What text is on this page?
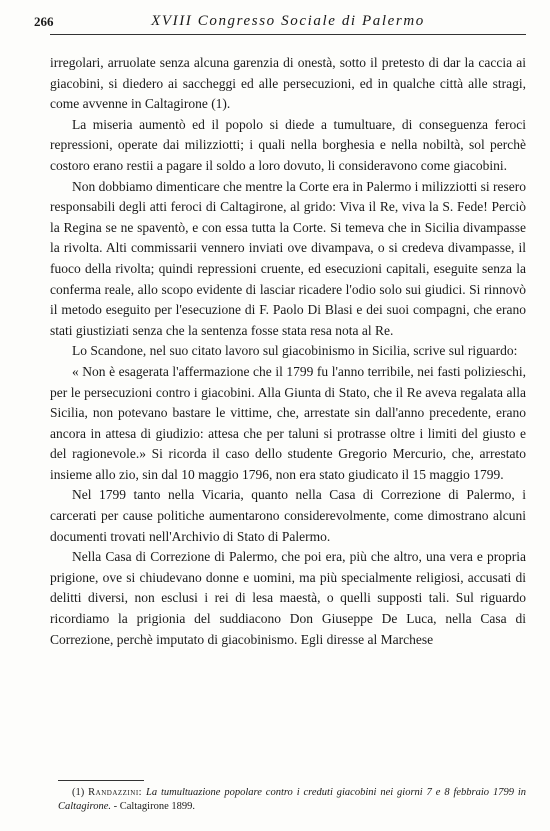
266	XVIII Congresso Sociale di Palermo

irregolari, arruolate senza alcuna garenzia di onestà, sotto il pretesto di dar la caccia ai giacobini, si diedero ai saccheggi ed alle persecuzioni, ed in qualche città alle stragi, come avvenne in Caltagirone (1).

La miseria aumentò ed il popolo si diede a tumultuare, di conseguenza feroci repressioni, operate dai milizziotti; i quali nella borghesia e nella nobiltà, sol perchè costoro erano restii a pagare il soldo a loro dovuto, li consideravono come giacobini.

Non dobbiamo dimenticare che mentre la Corte era in Palermo i milizziotti si resero responsabili degli atti feroci di Caltagirone, al grido: Viva il Re, viva la S. Fede! Perciò la Regina se ne spaventò, e con essa tutta la Corte. Si temeva che in Sicilia divampasse la rivolta. Alti commissarii vennero inviati ove divampava, o si credeva divampasse, il fuoco della rivolta; quindi repressioni cruente, ed esecuzioni capitali, eseguite senza la conferma reale, allo scopo evidente di lasciar ricadere l'odio solo sui giudici. Si rinnovò il metodo eseguito per l'esecuzione di F. Paolo Di Blasi e dei suoi compagni, che erano stati giustiziati senza che la sentenza fosse stata resa nota al Re.

Lo Scandone, nel suo citato lavoro sul giacobinismo in Sicilia, scrive sul riguardo:

« Non è esagerata l'affermazione che il 1799 fu l'anno terribile, nei fasti polizieschi, per le persecuzioni contro i giacobini. Alla Giunta di Stato, che il Re aveva regalata alla Sicilia, non potevano bastare le vittime, che, arrestate sin dall'anno precedente, erano ancora in attesa di giudizio: attesa che per taluni si protrasse oltre i limiti del giusto e del ragionevole.» Si ricorda il caso dello studente Gregorio Mercurio, che, arrestato insieme allo zio, sin dal 10 maggio 1796, non era stato giudicato il 15 maggio 1799.

Nel 1799 tanto nella Vicaria, quanto nella Casa di Correzione di Palermo, i carcerati per cause politiche aumentarono considerevolmente, come dimostrano alcuni documenti trovati nell'Archivio di Stato di Palermo.

Nella Casa di Correzione di Palermo, che poi era, più che altro, una vera e propria prigione, ove si chiudevano donne e uomini, ma più specialmente religiosi, accusati di delitti diversi, non esclusi i rei di lesa maestà, o quelli supposti tali. Sul riguardo ricordiamo la prigionia del suddiacono Don Giuseppe De Luca, nella Casa di Correzione, perchè imputato di giacobinismo. Egli diresse al Marchese

(1) Randazzini: La tumultuazione popolare contro i creduti giacobini nei giorni 7 e 8 febbraio 1799 in Caltagirone. - Caltagirone 1899.
